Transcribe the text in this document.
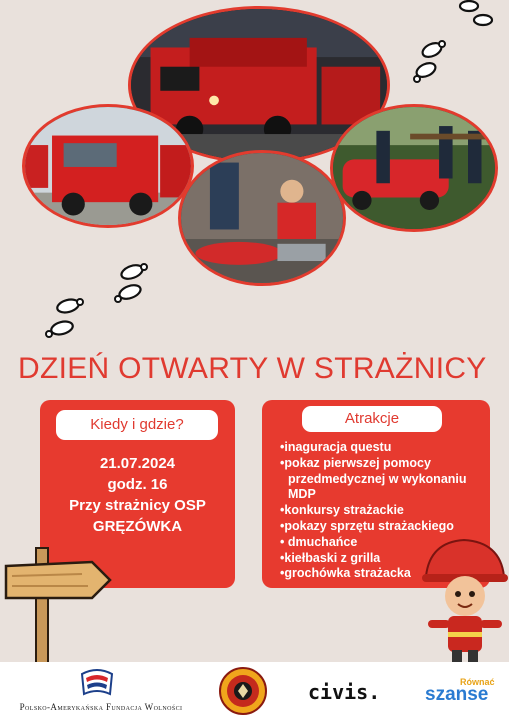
DZIEŃ OTWARTY W STRAŻNICY
Kiedy i gdzie?
21.07.2024
godz. 16
Przy strażnicy OSP
GRĘZÓWKA
Atrakcje
•inaguracja questu
•pokaz pierwszej pomocy
przedmedycznej w wykonaniu
MDP
•konkursy strażackie
•pokazy sprzętu strażackiego
• dmuchańce
•kiełbaski z grilla
•grochówka strażacka
Polsko-Amerykańska Fundacja Wolności
civis.	Równać
szanse
